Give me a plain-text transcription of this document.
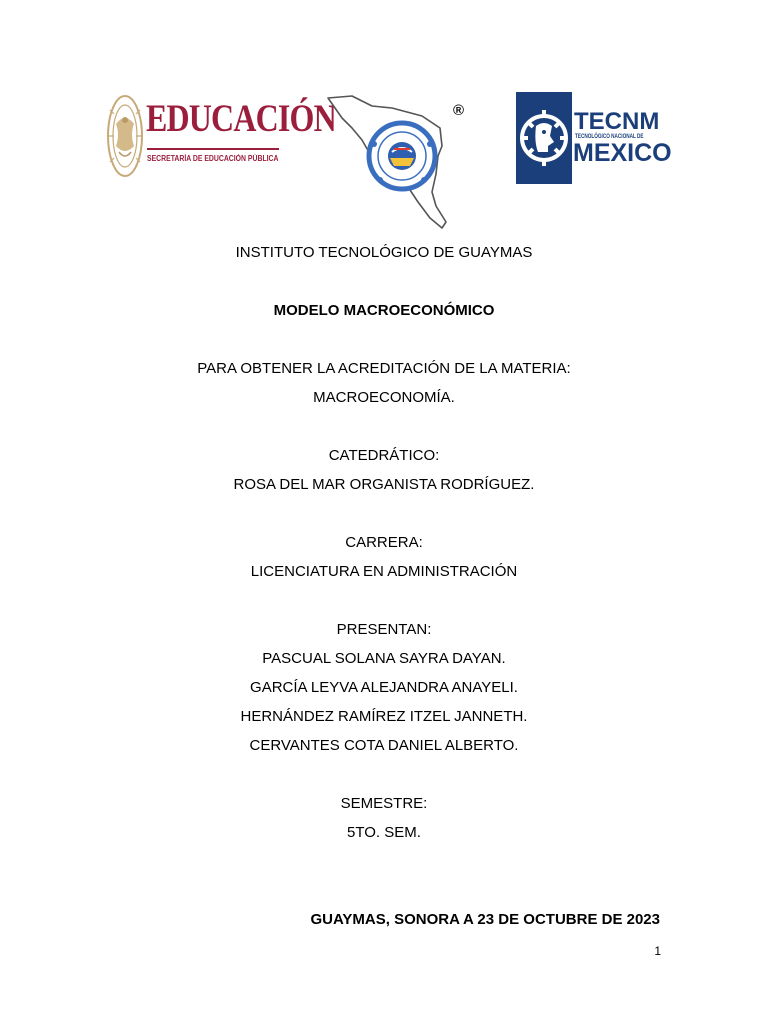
EDUCACIÓN
SECRETARÍA DE EDUCACIÓN PÚBLICA
®	TECNM
TECNOLÓGICO NACIONAL DE
MEXICO
INSTITUTO TECNOLÓGICO DE GUAYMAS
MODELO MACROECONÓMICO
PARA OBTENER LA ACREDITACIÓN DE LA MATERIA:
MACROECONOMÍA.
CATEDRÁTICO:
ROSA DEL MAR ORGANISTA RODRÍGUEZ.
CARRERA:
LICENCIATURA EN ADMINISTRACIÓN
PRESENTAN:
PASCUAL SOLANA SAYRA DAYAN.
GARCÍA LEYVA ALEJANDRA ANAYELI.
HERNÁNDEZ RAMÍREZ ITZEL JANNETH.
CERVANTES COTA DANIEL ALBERTO.
SEMESTRE:
5TO. SEM.
GUAYMAS, SONORA A 23 DE OCTUBRE DE 2023
1
